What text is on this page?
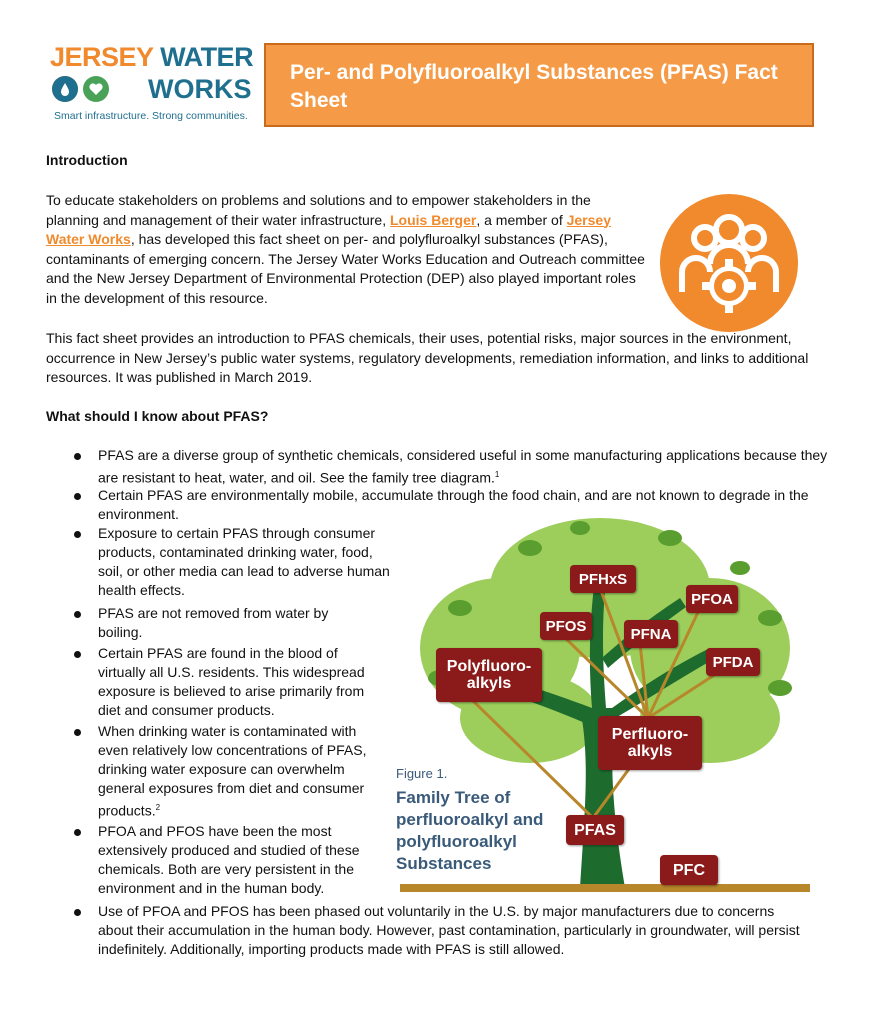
JERSEY WATER
WORKS
Smart infrastructure. Strong communities.
Per- and Polyfluoroalkyl Substances (PFAS) Fact Sheet
Introduction
To educate stakeholders on problems and solutions and to empower stakeholders in the planning and management of their water infrastructure, Louis Berger, a member of Jersey Water Works, has developed this fact sheet on per- and polyfluroalkyl substances (PFAS), contaminants of emerging concern. The Jersey Water Works Education and Outreach committee and the New Jersey Department of Environmental Protection (DEP) also played important roles in the development of this resource.
This fact sheet provides an introduction to PFAS chemicals, their uses, potential risks, major sources in the environment, occurrence in New Jersey’s public water systems, regulatory developments, remediation information, and links to additional resources. It was published in March 2019.
What should I know about PFAS?
PFAS are a diverse group of synthetic chemicals, considered useful in some manufacturing applications because they are resistant to heat, water, and oil. See the family tree diagram.$^1$
Certain PFAS are environmentally mobile, accumulate through the food chain, and are not known to degrade in the environment.
Exposure to certain PFAS through consumer products, contaminated drinking water, food, soil, or other media can lead to adverse human health effects.
PFAS are not removed from water by boiling.
Certain PFAS are found in the blood of virtually all U.S. residents. This widespread exposure is believed to arise primarily from diet and consumer products.
When drinking water is contaminated with even relatively low concentrations of PFAS, drinking water exposure can overwhelm general exposures from diet and consumer products.$^2$
PFOA and PFOS have been the most extensively produced and studied of these chemicals. Both are very persistent in the environment and in the human body.
Use of PFOA and PFOS has been phased out voluntarily in the U.S. by major manufacturers due to concerns about their accumulation in the human body. However, past contamination, particularly in groundwater, will persist indefinitely. Additionally, importing products made with PFAS is still allowed.
PFHxS
PFOA
PFOS	PFNA
PFDA
Polyfluoro-
alkyls
Perfluoro-
alkyls
PFAS
PFC
Figure 1.
Family Tree of perfluoroalkyl and polyfluoroalkyl Substances
